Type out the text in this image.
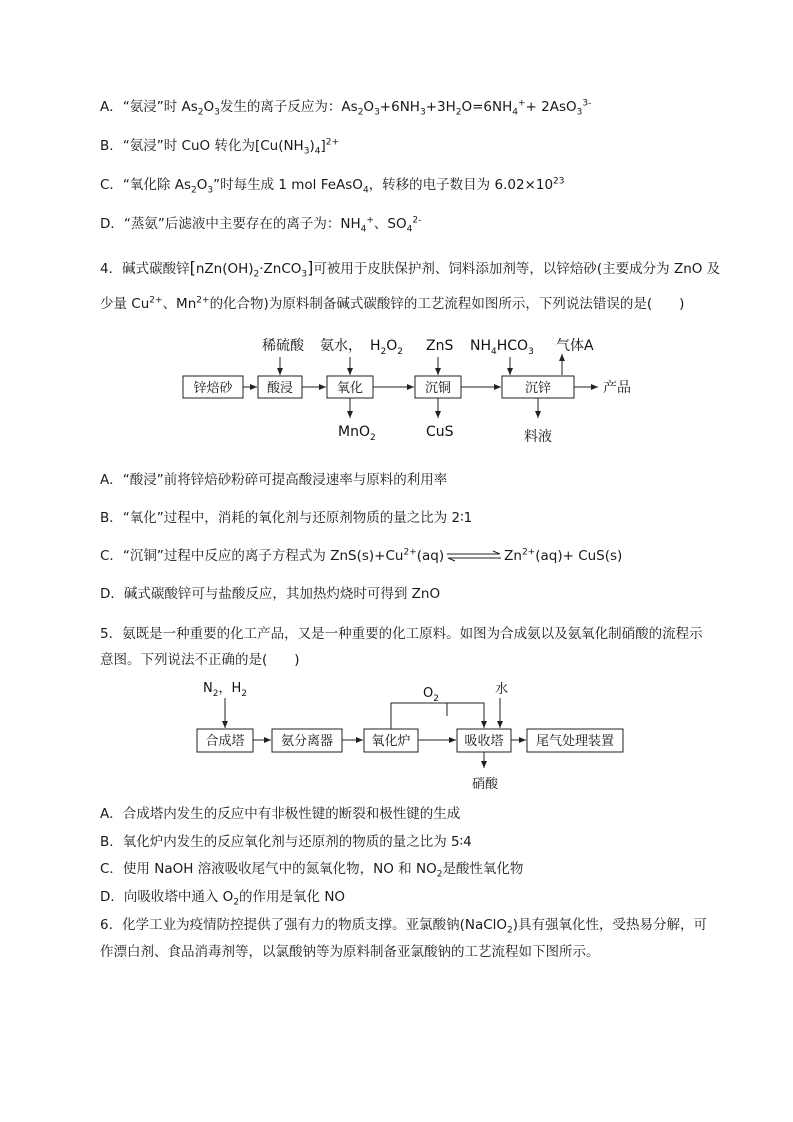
A．“氨浸”时 $As_2O_3$发生的离子反应为：$As_2O_3+6NH_3+3H_2O=6NH_4^++ 2AsO_3^{3-}$
B．“氨浸”时 CuO 转化为$[Cu(NH_3)_4]^{2+}$
C．“氧化除 $As_2O_3$”时每生成 1 mol FeAsO$_4$，转移的电子数目为 $6.02\times 10^{23}$
D．“蒸氨”后滤液中主要存在的离子为：$NH_4^+$、$SO_4^{2-}$
4．碱式碳酸锌$[nZn(OH)_2\cdot ZnCO_3]$可被用于皮肤保护剂、饲料添加剂等，以锌焙砂(主要成分为 ZnO 及
少量 $Cu^{2+}$、$Mn^{2+}$的化合物)为原料制备碱式碳酸锌的工艺流程如图所示，下列说法错误的是(　　)
锌焙砂	酸浸	氧化	沉铜	沉锌	产品
稀硫酸 氨水， $H_2O_2$ ZnS $NH_4HCO_3$ 气体A
MnO$_2$	CuS	料液
A．“酸浸”前将锌焙砂粉碎可提高酸浸速率与原料的利用率
B．“氧化”过程中，消耗的氧化剂与还原剂物质的量之比为 2∶1
C．“沉铜”过程中反应的离子方程式为 $ZnS(s)+Cu^{2+}(aq)$	$Zn^{2+}(aq)+ CuS(s)$
D．碱式碳酸锌可与盐酸反应，其加热灼烧时可得到 ZnO
5．氨既是一种重要的化工产品，又是一种重要的化工原料。如图为合成氨以及氨氧化制硝酸的流程示
意图。下列说法不正确的是(　　)
合成塔	氨分离器	氧化炉	吸收塔 尾气处理装置
$N_2$，$H_2$	$O_2$
水
硝酸
A．合成塔内发生的反应中有非极性键的断裂和极性键的生成
B．氧化炉内发生的反应氧化剂与还原剂的物质的量之比为 5∶4
C．使用 NaOH 溶液吸收尾气中的氮氧化物，NO 和 $NO_2$是酸性氧化物
D．向吸收塔中通入 $O_2$的作用是氧化 NO
6．化学工业为疫情防控提供了强有力的物质支撑。亚氯酸钠(NaClO$_2$)具有强氧化性，受热易分解，可
作漂白剂、食品消毒剂等，以氯酸钠等为原料制备亚氯酸钠的工艺流程如下图所示。
